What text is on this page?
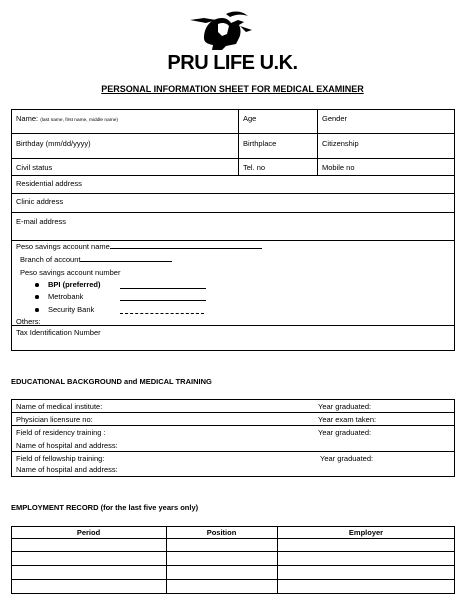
PRU LIFE U.K.
PERSONAL INFORMATION SHEET FOR MEDICAL EXAMINER
Name: (last name, first name, middle name)	Age	Gender
Birthday (mm/dd/yyyy)	Birthplace	Citizenship
Civil status	Tel. no	Mobile no
Residential address
Clinic address
E-mail address
Peso savings account name
Branch of account
Peso savings account number
BPI (preferred)
Metrobank
Security Bank
Others:
Tax Identification Number
EDUCATIONAL BACKGROUND and MEDICAL TRAINING
Name of medical institute:	Year graduated:
Physician licensure no:	Year exam taken:
Field of residency training :	Year graduated:
Name of hospital and address:
Field of fellowship training:	Year graduated:
Name of hospital and address:
EMPLOYMENT RECORD (for the last five years only)
Period	Position	Employer
